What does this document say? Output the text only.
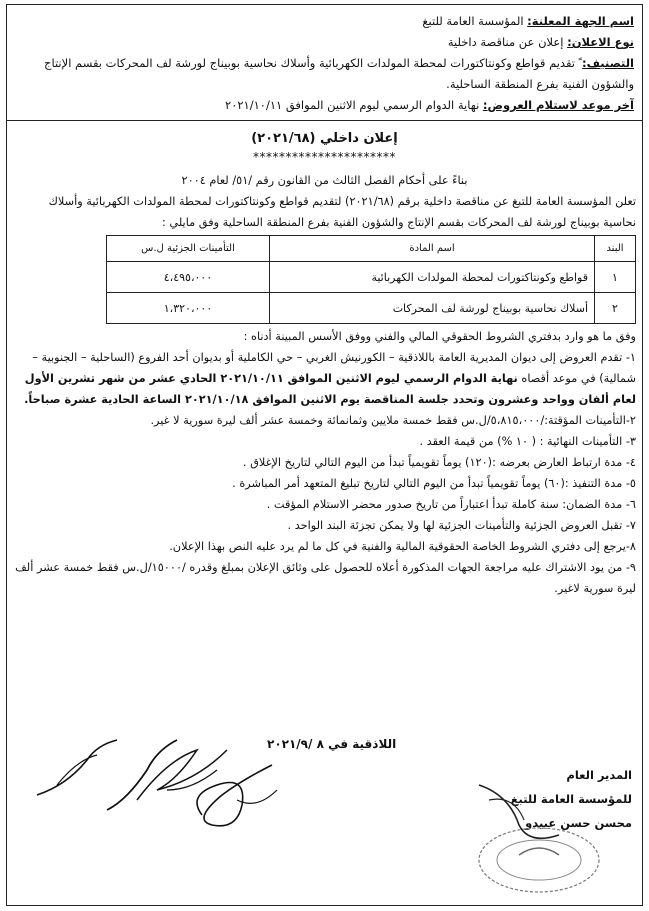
اسم الجهة المعلنة: المؤسسة العامة للتبغ
نوع الاعلان: إعلان عن مناقصة داخلية
التصنيف: ً تقديم قواطع وكونتاكتورات لمحطة المولدات الكهربائية وأسلاك نحاسية بوبيناج لورشة لف المحركات بقسم الإنتاج والشؤون الفنية بفرع المنطقة الساحلية.
آخر موعد لاستلام العروض: نهاية الدوام الرسمي ليوم الاثنين الموافق ٢٠٢١/١٠/١١
إعلان داخلي (٢٠٢١/٦٨)
**********************

بناءً على أحكام الفصل الثالث من القانون رقم /٥١/ لعام ٢٠٠٤

تعلن المؤسسة العامة للتبغ عن مناقصة داخلية برقم (٢٠٢١/٦٨) لتقديم قواطع وكونتاكتورات لمحطة المولدات الكهربائية وأسلاك نحاسية بوبيناج لورشة لف المحركات بقسم الإنتاج والشؤون الفنية بفرع المنطقة الساحلية وفق مايلي :

البند	اسم المادة	التأمينات الجزئية ل.س
١	قواطع وكونتاكتورات لمحطة المولدات الكهربائية	٤،٤٩٥،٠٠٠
٢	أسلاك نحاسية بوبيناج لورشة لف المحركات	١،٣٢٠،٠٠٠

وفق ما هو وارد بدفتري الشروط الحقوقي المالي والفني ووفق الأسس المبينة أدناه :

١- تقدم العروض إلى ديوان المديرية العامة باللاذقية – الكورنيش الغربي – حي الكاملية أو بديوان أحد الفروع (الساحلية – الجنوبية – شمالية) في موعد أقصاه نهاية الدوام الرسمي ليوم الاثنين الموافق ٢٠٢١/١٠/١١ الحادي عشر من شهر تشرين الأول لعام ألفان وواحد وعشرون وتحدد جلسة المناقصة يوم الاثنين الموافق ٢٠٢١/١٠/١٨ الساعة الحادية عشرة صباحاً.

٢-التأمينات المؤقتة:/٥،٨١٥،٠٠٠/ل.س فقط خمسة ملايين وثمانمائة وخمسة عشر ألف ليرة سورية لا غير.

٣- التأمينات النهائية : ( ١٠ %) من قيمة العقد .

٤- مدة ارتباط العارض بعرضه :(١٢٠) يوماً تقويمياً تبدأ من اليوم التالي لتاريخ الإغلاق .

٥- مدة التنفيذ :(٦٠) يوماً تقويمياً تبدأ من اليوم التالي لتاريخ تبليغ المتعهد أمر المباشرة .

٦- مدة الضمان: سنة كاملة تبدأ اعتباراً من تاريخ صدور محضر الاستلام المؤقت .

٧- تقبل العروض الجزئية والتأمينات الجزئية لها ولا يمكن تجزئة البند الواحد .

٨-يرجع إلى دفتري الشروط الخاصة الحقوقية المالية والفنية في كل ما لم يرد عليه النص بهذا الإعلان.

٩- من يود الاشتراك عليه مراجعة الجهات المذكورة أعلاه للحصول على وثائق الإعلان بمبلغ وقدره /١٥٠٠٠/ل.س فقط خمسة عشر ألف ليرة سورية لاغير.

اللاذقية في ٨ /٢٠٢١/٩
المدير العام
للمؤسسة العامة للتبغ
محسن حسن عبيدو
